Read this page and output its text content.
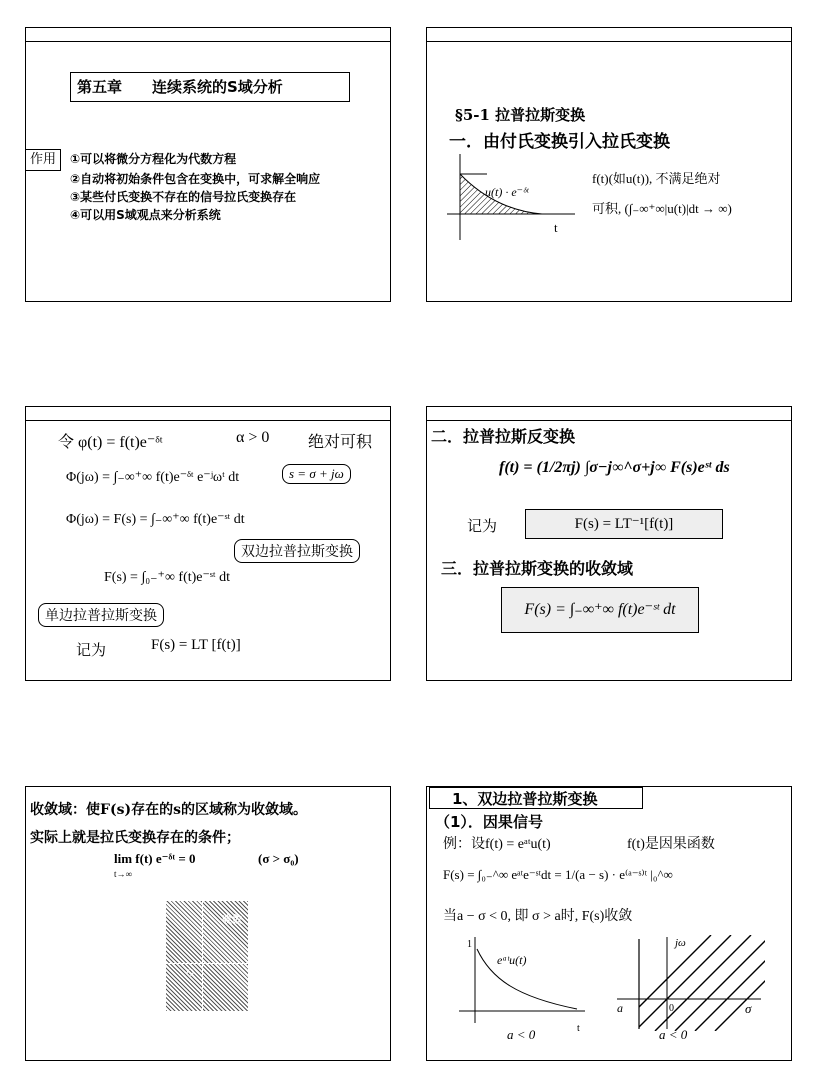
第五章　　连续系统的S域分析
作用	①可以将微分方程化为代数方程
②自动将初始条件包含在变换中，可求解全响应
③某些付氏变换不存在的信号拉氏变换存在
④可以用S域观点来分析系统
§5-1 拉普拉斯变换
一．由付氏变换引入拉氏变换
u(t) · e⁻ᵟᵗ
t
f(t)(如u(t)), 不满足绝对
可积, (∫₋∞⁺∞|u(t)|dt → ∞)
令 φ(t) = f(t)e⁻ᵟᵗ	α > 0 绝对可积
Φ(jω) = ∫₋∞⁺∞ f(t)e⁻ᵟᵗ e⁻ʲωᵗ dt	s = σ + jω
Φ(jω) = F(s) = ∫₋∞⁺∞ f(t)e⁻ˢᵗ dt
双边拉普拉斯变换
F(s) = ∫₀₋⁺∞ f(t)e⁻ˢᵗ dt
单边拉普拉斯变换
记为	F(s) = LT [f(t)]
二．拉普拉斯反变换
f(t) = (1/2πj) ∫σ−j∞^σ+j∞ F(s)eˢᵗ ds
记为	F(s) = LT⁻¹[f(t)]
三．拉普拉斯变换的收敛域
F(s) = ∫₋∞⁺∞ f(t)e⁻ˢᵗ dt
收敛域：使F(s)存在的s的区域称为收敛域。
实际上就是拉氏变换存在的条件；
lim f(t) e⁻ᵟᵗ = 0
t→∞
(σ > σ₀)
收敛
O
1、双边拉普拉斯变换
（1）．因果信号
例：设f(t) = eᵃᵗu(t)	f(t)是因果函数
F(s) = ∫₀₋^∞ eᵃᵗe⁻ˢᵗdt = 1/(a − s) · e⁽ᵃ⁻ˢ⁾ᵗ |₀^∞
当a − σ < 0, 即 σ > a时, F(s)收敛
1
eᵃᵗu(t)
t
a < 0
jω
a	0	σ
a < 0
